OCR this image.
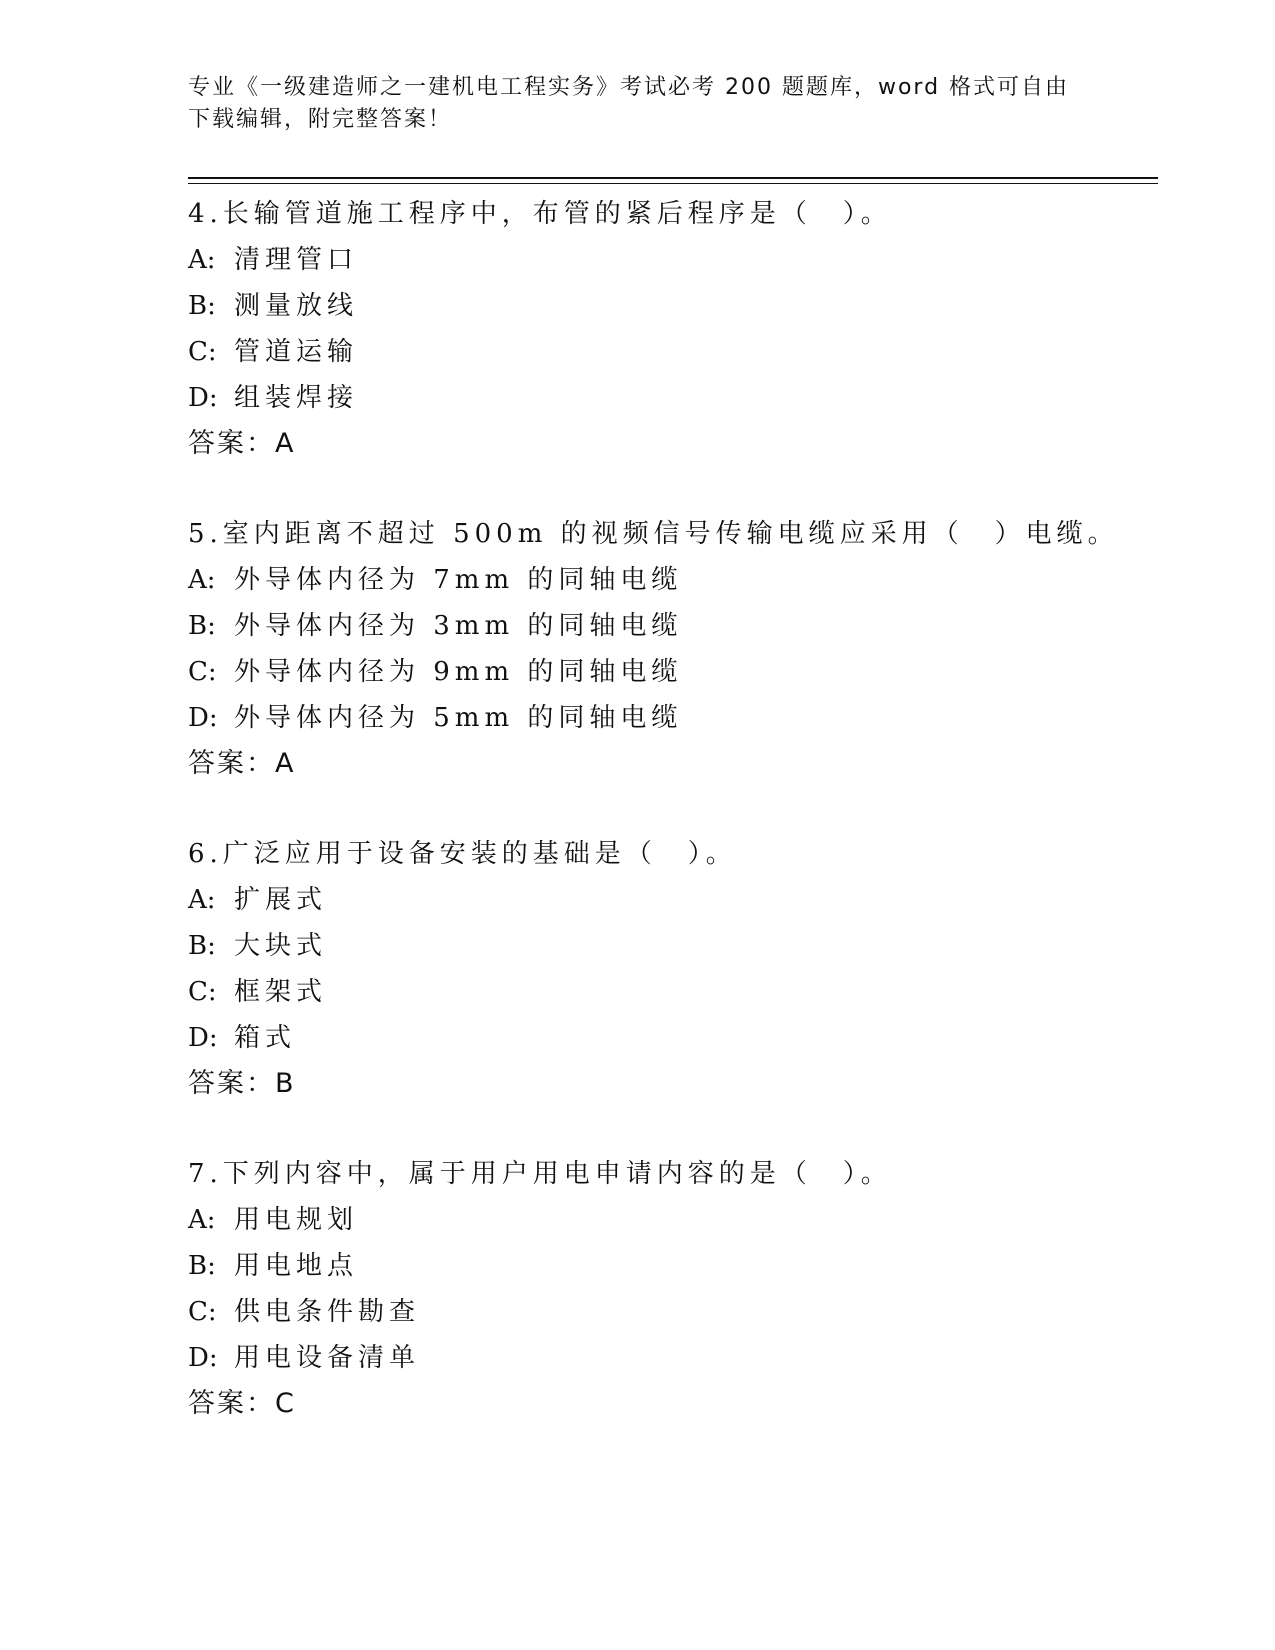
专业《一级建造师之一建机电工程实务》考试必考 200 题题库，word 格式可自由
下载编辑，附完整答案！
4.长输管道施工程序中，布管的紧后程序是（　）。
A: 清理管口
B: 测量放线
C: 管道运输
D: 组装焊接
答案：A
5.室内距离不超过 500m 的视频信号传输电缆应采用（　）电缆。
A: 外导体内径为 7mm 的同轴电缆
B: 外导体内径为 3mm 的同轴电缆
C: 外导体内径为 9mm 的同轴电缆
D: 外导体内径为 5mm 的同轴电缆
答案：A
6.广泛应用于设备安装的基础是（　）。
A: 扩展式
B: 大块式
C: 框架式
D: 箱式
答案：B
7.下列内容中，属于用户用电申请内容的是（　）。
A: 用电规划
B: 用电地点
C: 供电条件勘查
D: 用电设备清单
答案：C
